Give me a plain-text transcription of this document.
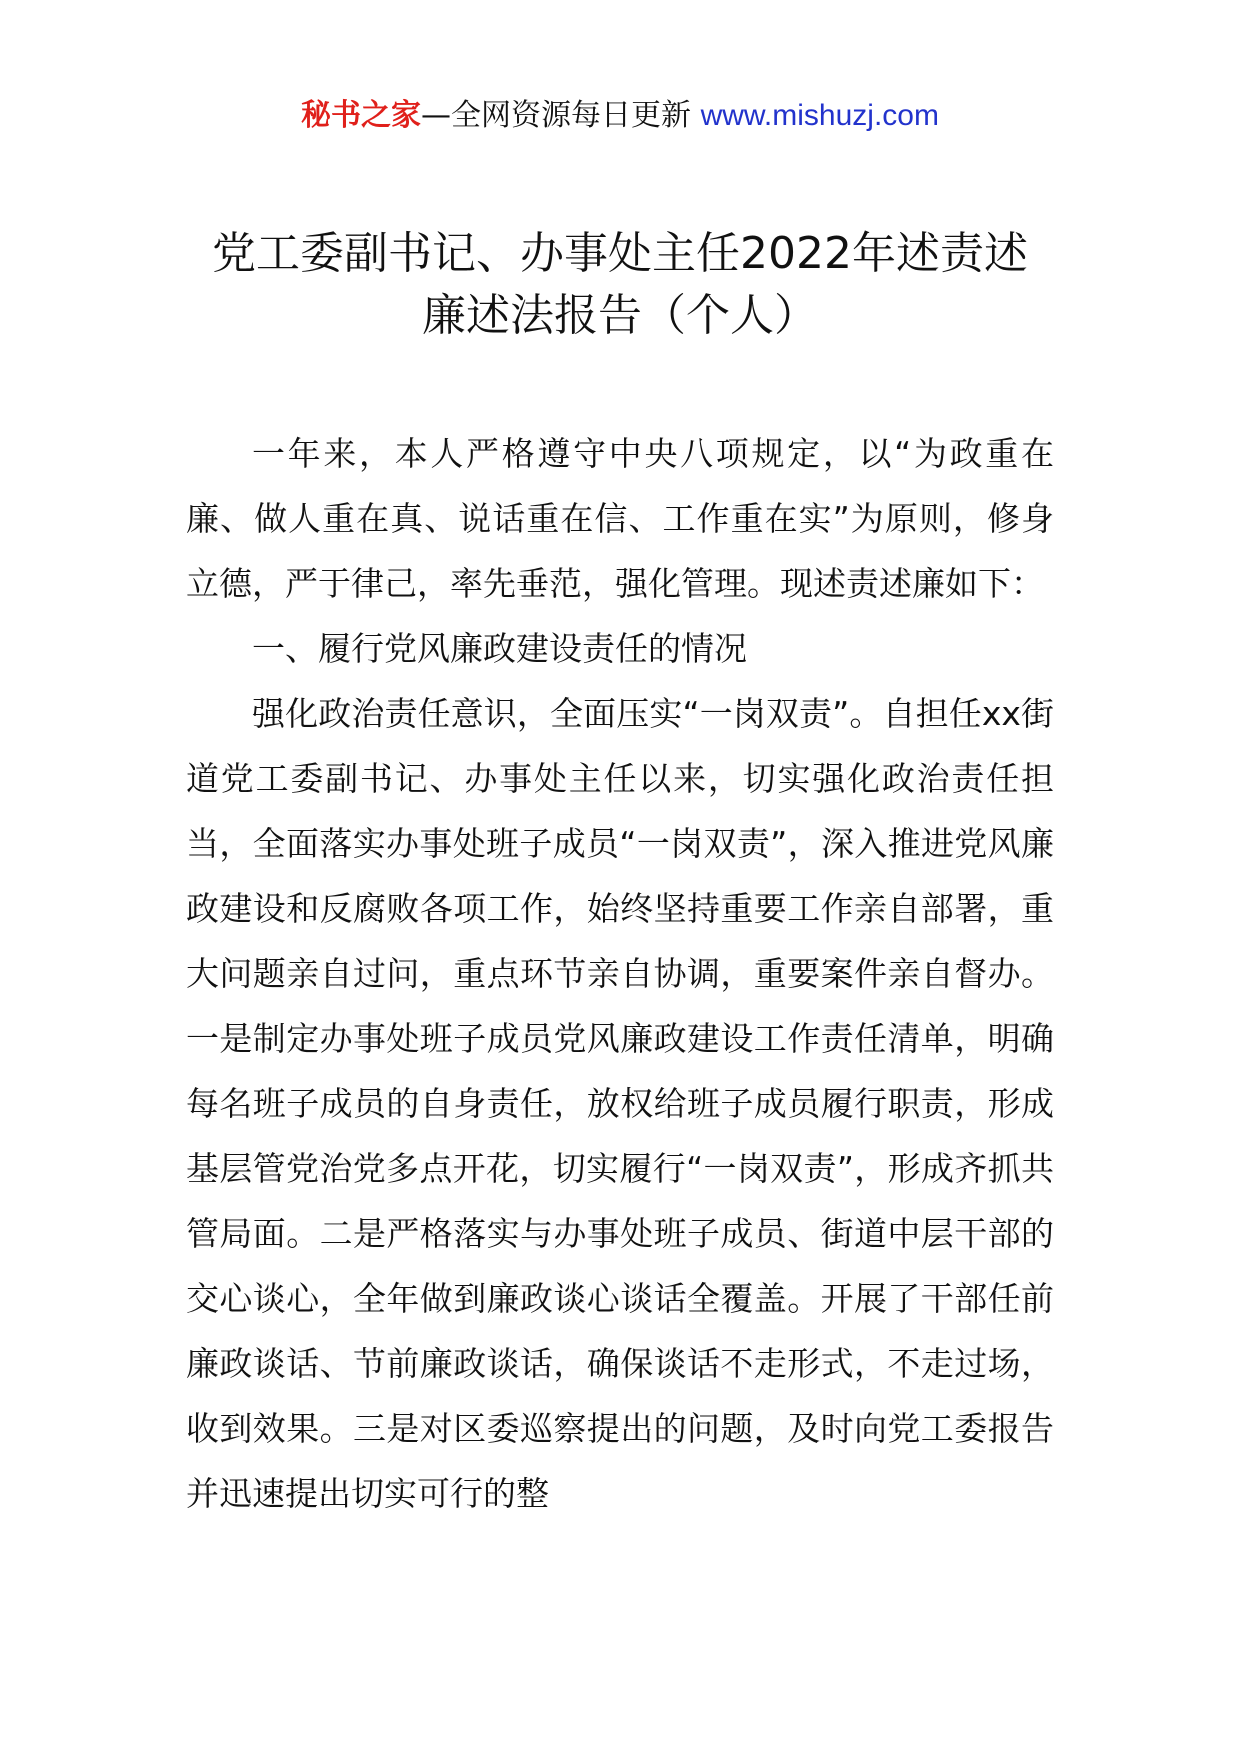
秘书之家—全网资源每日更新 www.mishuzj.com
党工委副书记、办事处主任2022年述责述
廉述法报告（个人）

一年来，本人严格遵守中央八项规定，以“为政重在廉、做人重在真、说话重在信、工作重在实”为原则，修身立德，严于律己，率先垂范，强化管理。现述责述廉如下：

一、履行党风廉政建设责任的情况

强化政治责任意识，全面压实“一岗双责”。自担任xx街道党工委副书记、办事处主任以来，切实强化政治责任担当，全面落实办事处班子成员“一岗双责”，深入推进党风廉政建设和反腐败各项工作，始终坚持重要工作亲自部署，重大问题亲自过问，重点环节亲自协调，重要案件亲自督办。一是制定办事处班子成员党风廉政建设工作责任清单，明确每名班子成员的自身责任，放权给班子成员履行职责，形成基层管党治党多点开花，切实履行“一岗双责”，形成齐抓共管局面。二是严格落实与办事处班子成员、街道中层干部的交心谈心，全年做到廉政谈心谈话全覆盖。开展了干部任前廉政谈话、节前廉政谈话，确保谈话不走形式，不走过场，收到效果。三是对区委巡察提出的问题，及时向党工委报告并迅速提出切实可行的整
